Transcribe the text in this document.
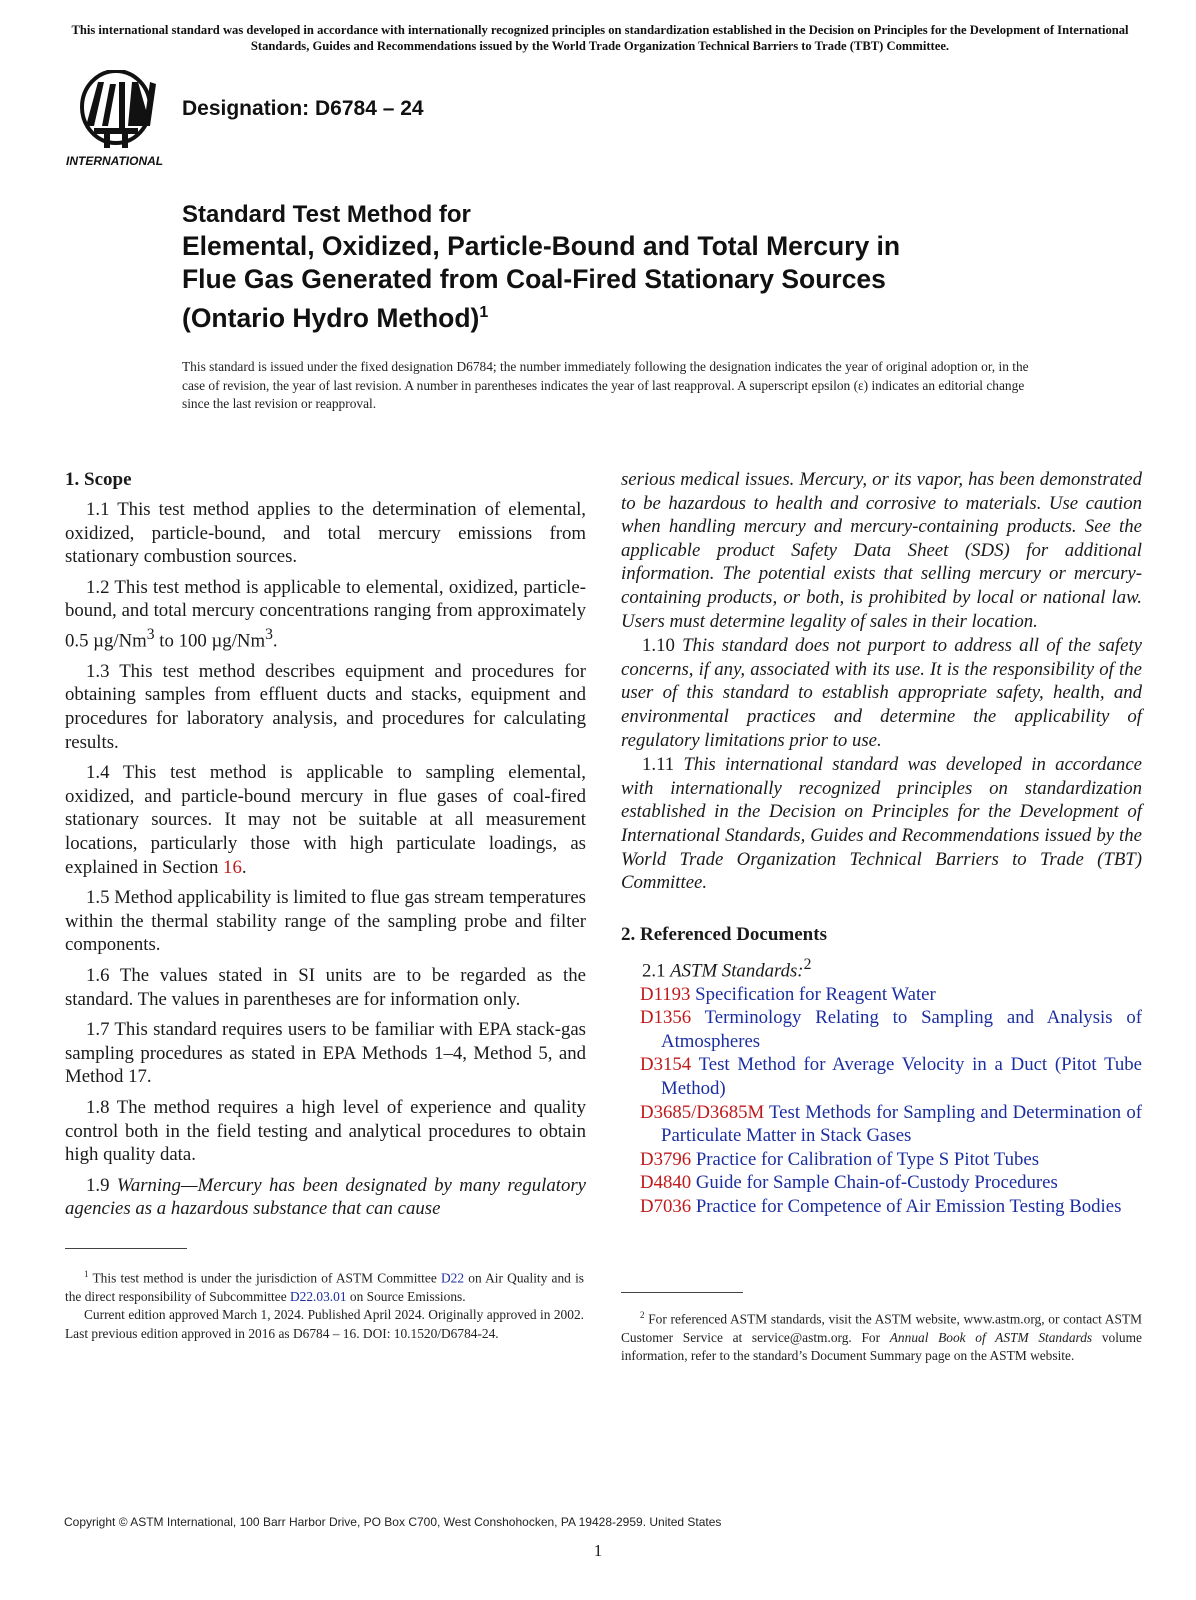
This international standard was developed in accordance with internationally recognized principles on standardization established in the Decision on Principles for the Development of International Standards, Guides and Recommendations issued by the World Trade Organization Technical Barriers to Trade (TBT) Committee.
INTERNATIONAL
Designation: D6784 – 24
Standard Test Method for
Elemental, Oxidized, Particle-Bound and Total Mercury in
Flue Gas Generated from Coal-Fired Stationary Sources
(Ontario Hydro Method)$^1$
This standard is issued under the fixed designation D6784; the number immediately following the designation indicates the year of original adoption or, in the case of revision, the year of last revision. A number in parentheses indicates the year of last reapproval. A superscript epsilon (ε) indicates an editorial change since the last revision or reapproval.
1. Scope

1.1 This test method applies to the determination of elemental, oxidized, particle-bound, and total mercury emissions from stationary combustion sources.

1.2 This test method is applicable to elemental, oxidized, particle-bound, and total mercury concentrations ranging from approximately 0.5 µg/Nm$^3$ to 100 µg/Nm$^3$.

1.3 This test method describes equipment and procedures for obtaining samples from effluent ducts and stacks, equipment and procedures for laboratory analysis, and procedures for calculating results.

1.4 This test method is applicable to sampling elemental, oxidized, and particle-bound mercury in flue gases of coal-fired stationary sources. It may not be suitable at all measurement locations, particularly those with high particulate loadings, as explained in Section 16.

1.5 Method applicability is limited to flue gas stream temperatures within the thermal stability range of the sampling probe and filter components.

1.6 The values stated in SI units are to be regarded as the standard. The values in parentheses are for information only.

1.7 This standard requires users to be familiar with EPA stack-gas sampling procedures as stated in EPA Methods 1–4, Method 5, and Method 17.

1.8 The method requires a high level of experience and quality control both in the field testing and analytical procedures to obtain high quality data.

1.9 Warning—Mercury has been designated by many regulatory agencies as a hazardous substance that can cause

serious medical issues. Mercury, or its vapor, has been demonstrated to be hazardous to health and corrosive to materials. Use caution when handling mercury and mercury-containing products. See the applicable product Safety Data Sheet (SDS) for additional information. The potential exists that selling mercury or mercury-containing products, or both, is prohibited by local or national law. Users must determine legality of sales in their location.

1.10 This standard does not purport to address all of the safety concerns, if any, associated with its use. It is the responsibility of the user of this standard to establish appropriate safety, health, and environmental practices and determine the applicability of regulatory limitations prior to use.

1.11 This international standard was developed in accordance with internationally recognized principles on standardization established in the Decision on Principles for the Development of International Standards, Guides and Recommendations issued by the World Trade Organization Technical Barriers to Trade (TBT) Committee.

2. Referenced Documents
2.1 ASTM Standards:$^2$
D1193 Specification for Reagent Water
D1356 Terminology Relating to Sampling and Analysis of Atmospheres
D3154 Test Method for Average Velocity in a Duct (Pitot Tube Method)
D3685/D3685M Test Methods for Sampling and Determination of Particulate Matter in Stack Gases
D3796 Practice for Calibration of Type S Pitot Tubes
D4840 Guide for Sample Chain-of-Custody Procedures
D7036 Practice for Competence of Air Emission Testing Bodies

$^1$ This test method is under the jurisdiction of ASTM Committee D22 on Air Quality and is the direct responsibility of Subcommittee D22.03.01 on Source Emissions.

Current edition approved March 1, 2024. Published April 2024. Originally approved in 2002. Last previous edition approved in 2016 as D6784 – 16. DOI: 10.1520/D6784-24.

$^2$ For referenced ASTM standards, visit the ASTM website, www.astm.org, or contact ASTM Customer Service at service@astm.org. For Annual Book of ASTM Standards volume information, refer to the standard’s Document Summary page on the ASTM website.

Copyright © ASTM International, 100 Barr Harbor Drive, PO Box C700, West Conshohocken, PA 19428-2959. United States
1
